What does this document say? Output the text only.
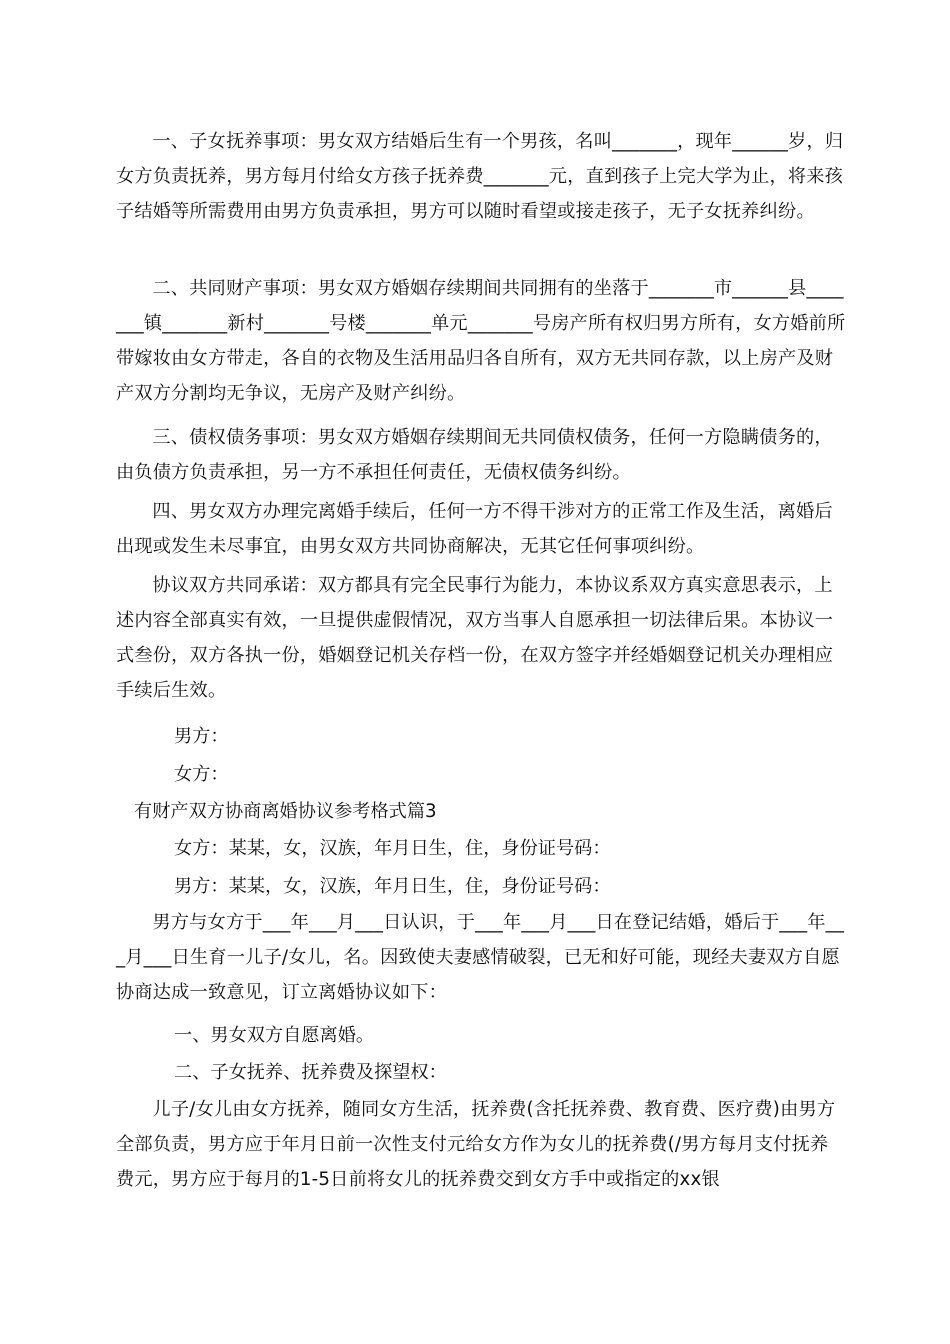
一、子女抚养事项：男女双方结婚后生有一个男孩，名叫_______，现年______岁，归女方负责抚养，男方每月付给女方孩子抚养费_______元，直到孩子上完大学为止，将来孩子结婚等所需费用由男方负责承担，男方可以随时看望或接走孩子，无子女抚养纠纷。

二、共同财产事项：男女双方婚姻存续期间共同拥有的坐落于_______市______县_______镇_______新村_______号楼_______单元_______号房产所有权归男方所有，女方婚前所带嫁妆由女方带走，各自的衣物及生活用品归各自所有，双方无共同存款，以上房产及财产双方分割均无争议，无房产及财产纠纷。

三、债权债务事项：男女双方婚姻存续期间无共同债权债务，任何一方隐瞒债务的，由负债方负责承担，另一方不承担任何责任，无债权债务纠纷。

四、男女双方办理完离婚手续后，任何一方不得干涉对方的正常工作及生活，离婚后出现或发生未尽事宜，由男女双方共同协商解决，无其它任何事项纠纷。

协议双方共同承诺：双方都具有完全民事行为能力，本协议系双方真实意思表示，上述内容全部真实有效，一旦提供虚假情况，双方当事人自愿承担一切法律后果。本协议一式叁份，双方各执一份，婚姻登记机关存档一份，在双方签字并经婚姻登记机关办理相应手续后生效。

男方：

女方：

有财产双方协商离婚协议参考格式篇3

女方：某某，女，汉族，年月日生，住，身份证号码：

男方：某某，女，汉族，年月日生，住，身份证号码：

男方与女方于___年___月___日认识，于___年___月___日在登记结婚，婚后于___年___月___日生育一儿子/女儿，名。因致使夫妻感情破裂，已无和好可能，现经夫妻双方自愿协商达成一致意见，订立离婚协议如下：

一、男女双方自愿离婚。

二、子女抚养、抚养费及探望权：

儿子/女儿由女方抚养，随同女方生活，抚养费(含托抚养费、教育费、医疗费)由男方全部负责，男方应于年月日前一次性支付元给女方作为女儿的抚养费(/男方每月支付抚养费元，男方应于每月的1-5日前将女儿的抚养费交到女方手中或指定的xx银
